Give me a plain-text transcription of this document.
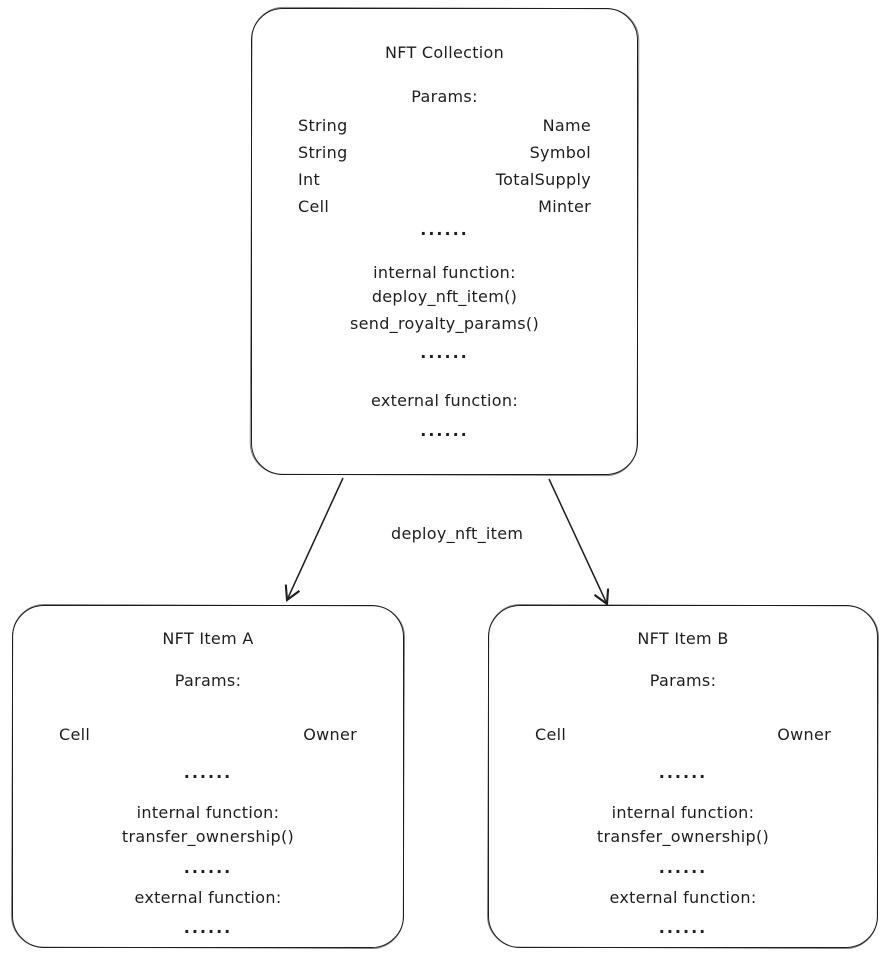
deploy_nft_item
NFT Collection
Params:
String	Name
String	Symbol
Int	TotalSupply
Cell	Minter
......
internal function:
deploy_nft_item()
send_royalty_params()
......
external function:
......
NFT Item A
Params:
Cell	Owner
......
internal function:
transfer_ownership()
......
external function:
......
NFT Item B
Params:
Cell	Owner
......
internal function:
transfer_ownership()
......
external function:
......
